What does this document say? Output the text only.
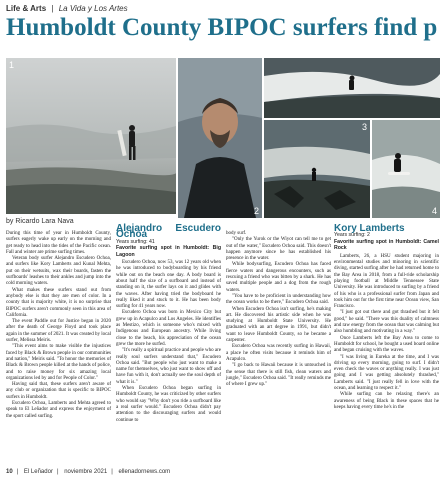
Life & Arts | La Vida y Los Artes
Humboldt County BIPOC surfers find p
1
2
3
4
by Ricardo Lara Nava

During this time of year in Humboldt County, surfers eagerly wake up early on the morning and get ready to head into the tides of the Pacific ocean. Fall and winter are prime surfing times.

Veteran body surfer Alejandro Escudero Ochoa, and surfers like Kory Lamberts and Kunal Mehta, put on their wetsuits, wax their boards, fasten the surfboards' leashes to their ankles and jump into the cold morning waters.

What makes these surfers stand out from anybody else is that they are men of color. In a county that is majority white, it is no surprise that BIPOC surfers aren't commonly seen in this area of California.

The event Paddle out for Justice began in 2020 after the death of George Floyd and took place again in the summer of 2021. It was created by local surfer, Melissa Meiris.

"This event aims to make visible the injustices faced by Black & Brown people in our communities and nation," Meiris said. "To honor the memories of Black & Brown people killed at the hands of police, and to raise money for six amazing local organizations led by and for People of Color."

Having said that, these surfers aren't aware of any club or organization that is specific to BIPOC surfers in Humboldt.

Escudero Ochoa, Lamberts and Mehta agreed to speak to El Leñador and express the enjoyment of the sport called surfing.

Alejandro Escudero Ochoa
Years surfing: 41
Favorite surfing spot in Humboldt: Big Lagoon

Escudero Ochoa, now 53, was 12 years old when he was introduced to bodyboarding by his friend while out on the beach one day. A body board is about half the size of a surfboard and instead of standing on it, the surfer lays on it and glides with the waves. After having tried the bodyboard he really liked it and stuck to it. He has been body surfing for 41 years now.

Escudero Ochoa was born in Mexico City but grew up in Acapulco and Los Angeles. He identifies as Mestizo, which is someone who's mixed with Indigenous and European ancestry. While living close to the beach, his appreciation of the ocean grew the more he surfed.

"It's really a spiritual practice and people who are really soul surfers understand that," Escudero Ochoa said. "But people who just want to make a name for themselves, who just want to show off and have fun with it, don't actually see the soul depth of what it is."

When Escudero Ochoa began surfing in Humboldt County, he was criticized by other surfers who would say "Why don't you ride a surfboard like a real surfer would." Escudero Ochoa didn't pay attention to the discouraging surfers and would continue to

body surf.

"Only the Yurok or the Wiyot can tell me to get out of the water," Escudero Ochoa said. This doesn't happen anymore since he has established his presence in the water.

While bodysurfing, Escudero Ochoa has faced fierce waters and dangerous encounters, such as rescuing a friend who was bitten by a shark. He has saved multiple people and a dog from the rough waters.

"You have to be proficient in understanding how the ocean works to be there," Escudero Ochoa said.

When Escudero Ochoa isn't surfing, he's making art. He discovered his artistic side when he was studying at Humboldt State University. He graduated with an art degree in 1991, but didn't want to leave Humboldt County, so he became a carpenter.

Escudero Ochoa was recently surfing in Hawaii, a place he often visits because it reminds him of Acapulco.

"I go back to Hawaii because it is untouched in the sense that there is still fish, clean waters and jungle," Escudero Ochoa said. "It really reminds me of where I grew up."

Kory Lamberts
Years surfing: 2
Favorite surfing spot in Humboldt: Camel Rock

Lamberts, 26, a HSU student majoring in environmental studies and minoring in scientific diving, started surfing after he had returned home to the Bay Area in 2018, from a full-ride scholarship playing football at Middle Tennessee State University. He was introduced to surfing by a friend of his who is a professional surfer from Japan and took him out for the first time near Ocean view, San Francisco.

"I just got out there and got thrashed but it felt good," he said. "There was this duality of calmness and raw energy from the ocean that was calming but also humbling and motivating in a way."

Once Lamberts left the Bay Area to come to Humboldt for school, he bought a used board online and began cruising with the waves.

"I was living in Eureka at the time, and I was driving up every morning, going to surf. I didn't even check the waves or anything really. I was just going and I was getting absolutely thrashed," Lamberts said. "I just really fell in love with the ocean, and learning to respect it."

While surfing can be relaxing there's an awareness of being Black in these spaces that he keeps having every time he's in the

10 | El Leñador | noviembre 2021 | ellenadornews.com
